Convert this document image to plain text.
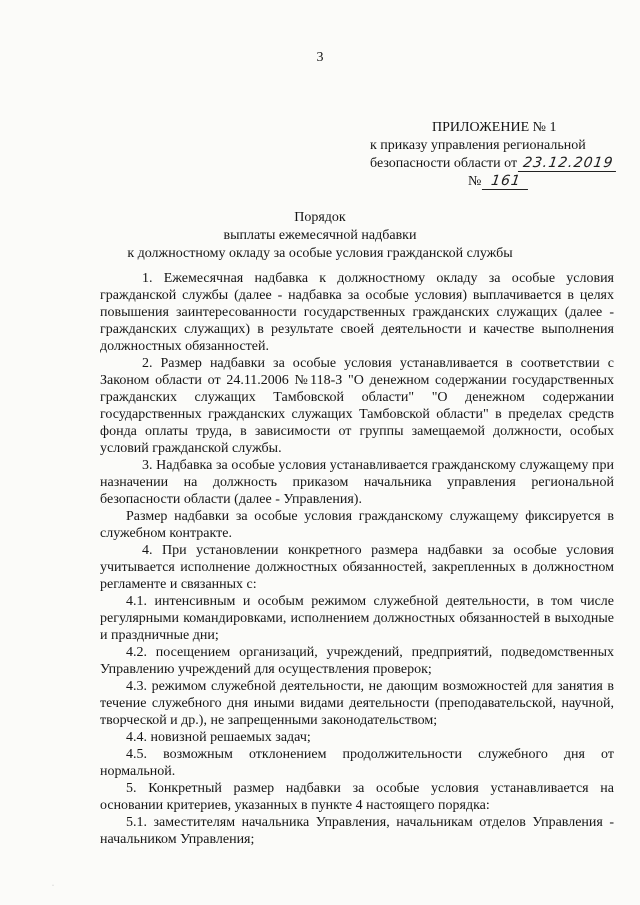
3
ПРИЛОЖЕНИЕ № 1
к приказу управления региональной
безопасности области от 23.12.2019
№ 161
Порядок
выплаты ежемесячной надбавки
к должностному окладу за особые условия гражданской службы

1. Ежемесячная надбавка к должностному окладу за особые условия гражданской службы (далее - надбавка за особые условия) выплачивается в целях повышения заинтересованности государственных гражданских служащих (далее - гражданских служащих) в результате своей деятельности и качестве выполнения должностных обязанностей.

2. Размер надбавки за особые условия устанавливается в соответствии с Законом области от 24.11.2006 №118-З "О денежном содержании государственных гражданских служащих Тамбовской области" "О денежном содержании государственных гражданских служащих Тамбовской области" в пределах средств фонда оплаты труда, в зависимости от группы замещаемой должности, особых условий гражданской службы.

3. Надбавка за особые условия устанавливается гражданскому служащему при назначении на должность приказом начальника управления региональной безопасности области (далее - Управления).

Размер надбавки за особые условия гражданскому служащему фиксируется в служебном контракте.

4. При установлении конкретного размера надбавки за особые условия учитывается исполнение должностных обязанностей, закрепленных в должностном регламенте и связанных с:

4.1. интенсивным и особым режимом служебной деятельности, в том числе регулярными командировками, исполнением должностных обязанностей в выходные и праздничные дни;

4.2. посещением организаций, учреждений, предприятий, подведомственных Управлению учреждений для осуществления проверок;

4.3. режимом служебной деятельности, не дающим возможностей для занятия в течение служебного дня иными видами деятельности (преподавательской, научной, творческой и др.), не запрещенными законодательством;

4.4. новизной решаемых задач;

4.5. возможным отклонением продолжительности служебного дня от нормальной.

5. Конкретный размер надбавки за особые условия устанавливается на основании критериев, указанных в пункте 4 настоящего порядка:

5.1. заместителям начальника Управления, начальникам отделов Управления - начальником Управления;

·
